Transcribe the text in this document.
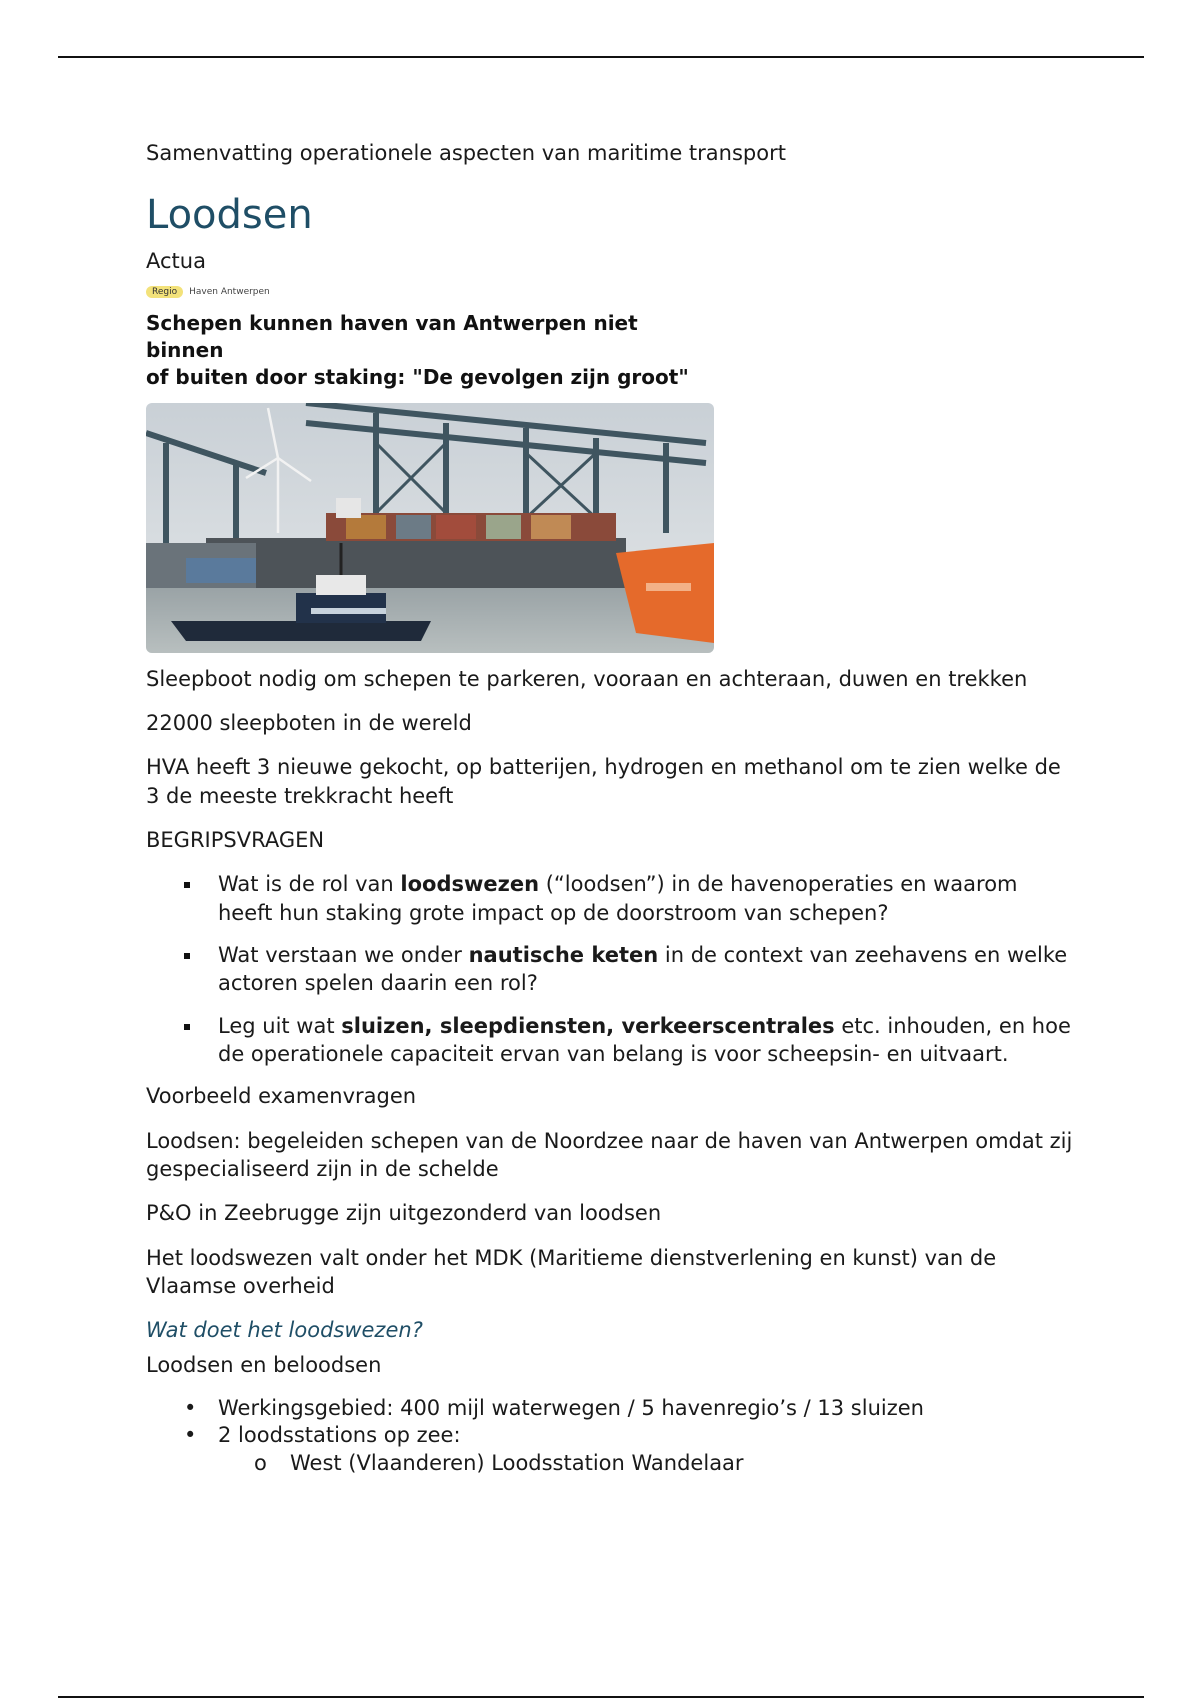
Samenvatting operationele aspecten van maritime transport
Loodsen

Actua

Regio	Haven Antwerpen
Schepen kunnen haven van Antwerpen niet binnen
of buiten door staking: "De gevolgen zijn groot"

Sleepboot nodig om schepen te parkeren, vooraan en achteraan, duwen en trekken

22000 sleepboten in de wereld

HVA heeft 3 nieuwe gekocht, op batterijen, hydrogen en methanol om te zien welke de 3 de meeste trekkracht heeft

BEGRIPSVRAGEN

Wat is de rol van loodswezen (“loodsen”) in de havenoperaties en waarom heeft hun staking grote impact op de doorstroom van schepen?
Wat verstaan we onder nautische keten in de context van zeehavens en welke actoren spelen daarin een rol?
Leg uit wat sluizen, sleepdiensten, verkeerscentrales etc. inhouden, en hoe de operationele capaciteit ervan van belang is voor scheepsin- en uitvaart.

Voorbeeld examenvragen

Loodsen: begeleiden schepen van de Noordzee naar de haven van Antwerpen omdat zij gespecialiseerd zijn in de schelde

P&O in Zeebrugge zijn uitgezonderd van loodsen

Het loodswezen valt onder het MDK (Maritieme dienstverlening en kunst) van de Vlaamse overheid

Wat doet het loodswezen?

Loodsen en beloodsen

• Werkingsgebied: 400 mijl waterwegen / 5 havenregio’s / 13 sluizen
• 2 loodsstations op zee:
o West (Vlaanderen) Loodsstation Wandelaar
